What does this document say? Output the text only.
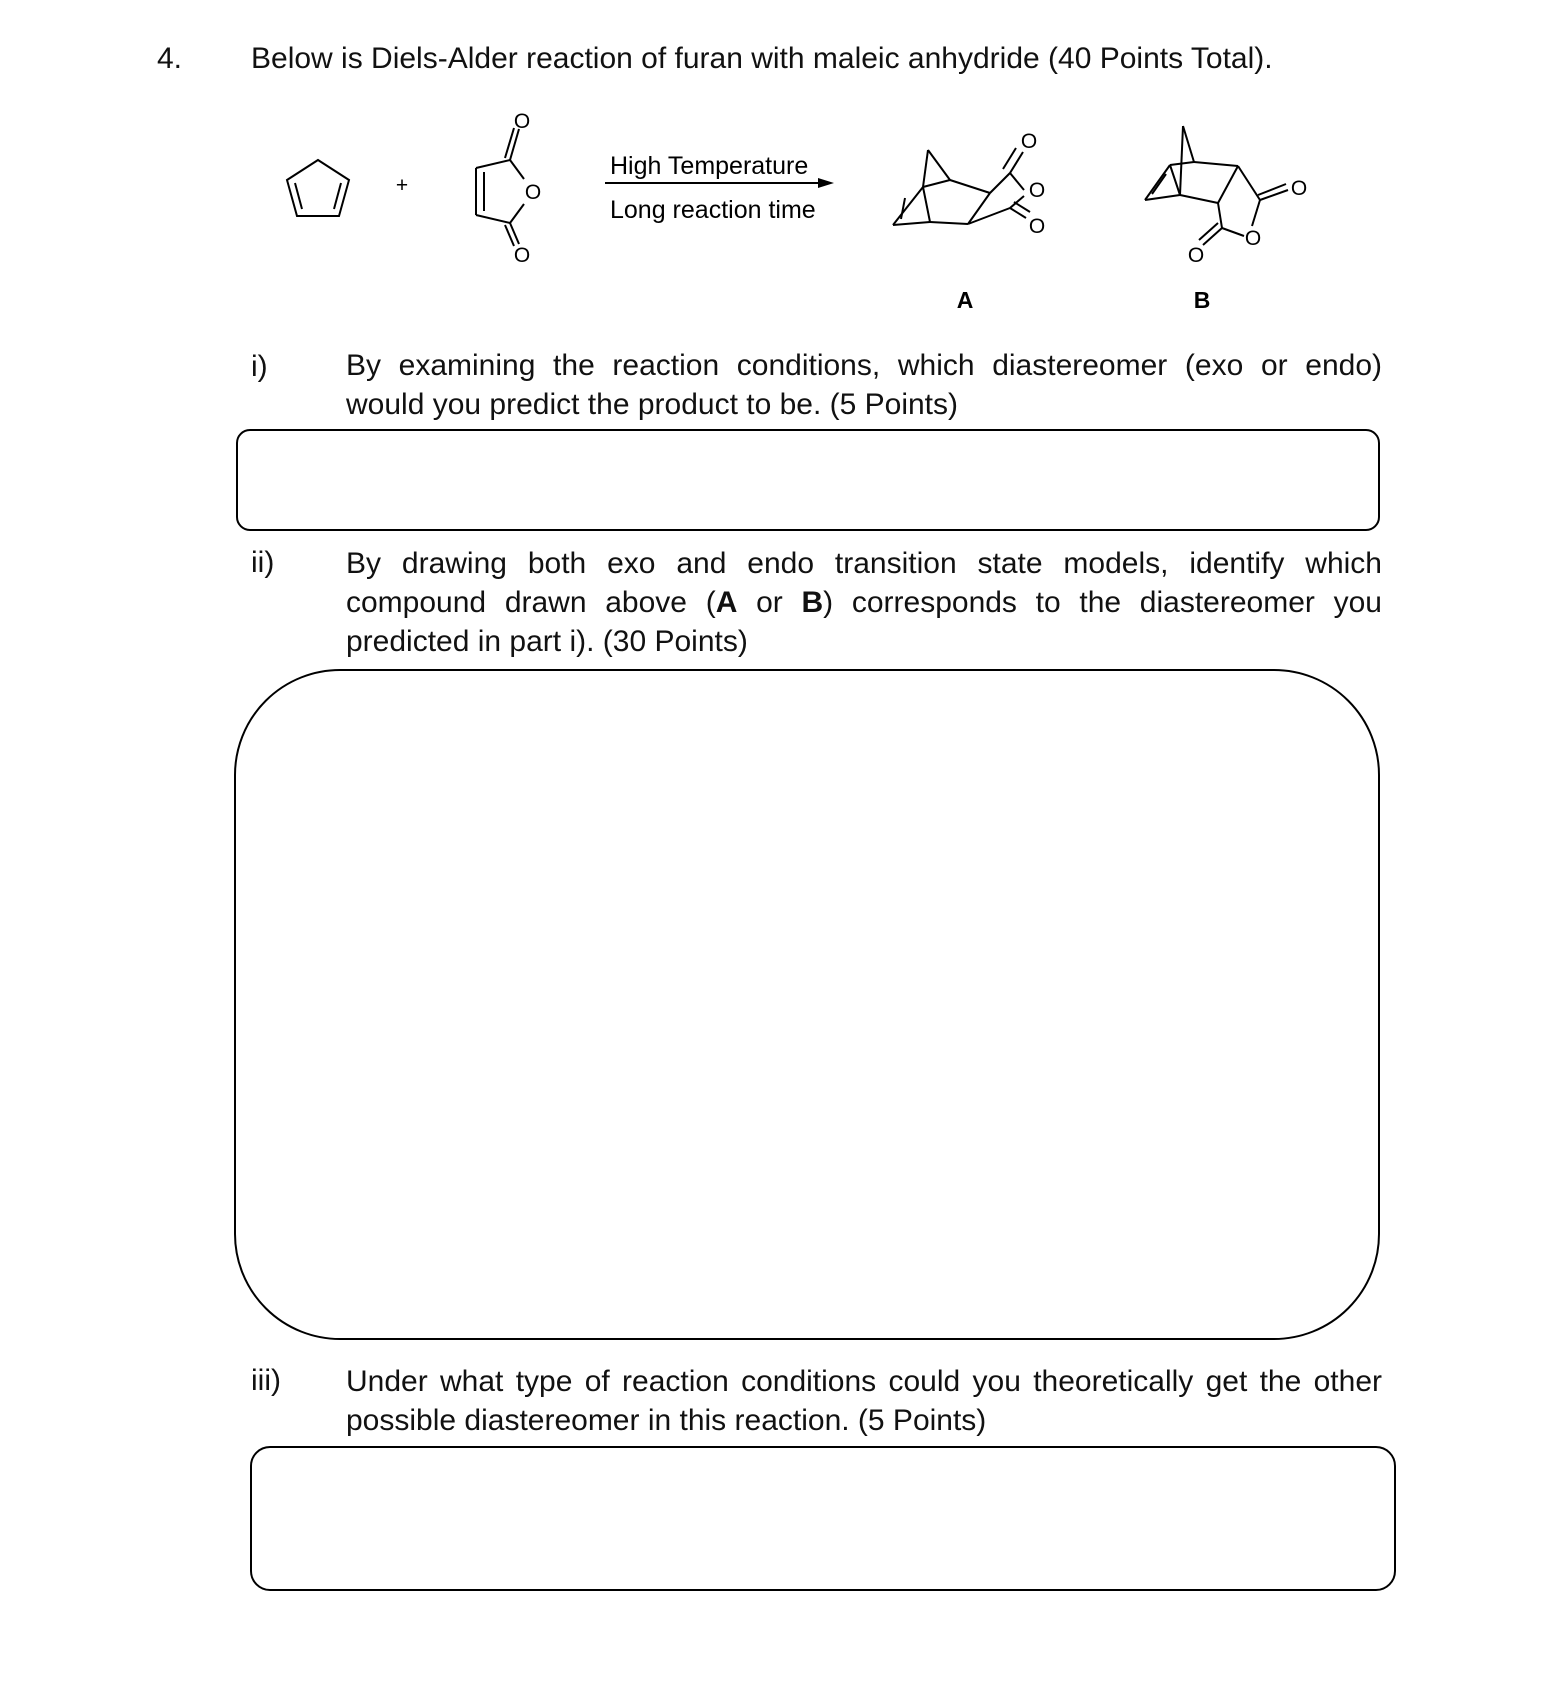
4. Below is Diels-Alder reaction of furan with maleic anhydride (40 Points Total).
+
O
O
O
High Temperature
Long reaction time
O
O
O
O
O
O
A	B
i)	By examining the reaction conditions, which diastereomer (exo or endo) would you predict the product to be. (5 Points)
ii) By drawing both exo and endo transition state models, identify which compound drawn above (A or B) corresponds to the diastereomer you predicted in part i). (30 Points)
iii) Under what type of reaction conditions could you theoretically get the other possible diastereomer in this reaction. (5 Points)
